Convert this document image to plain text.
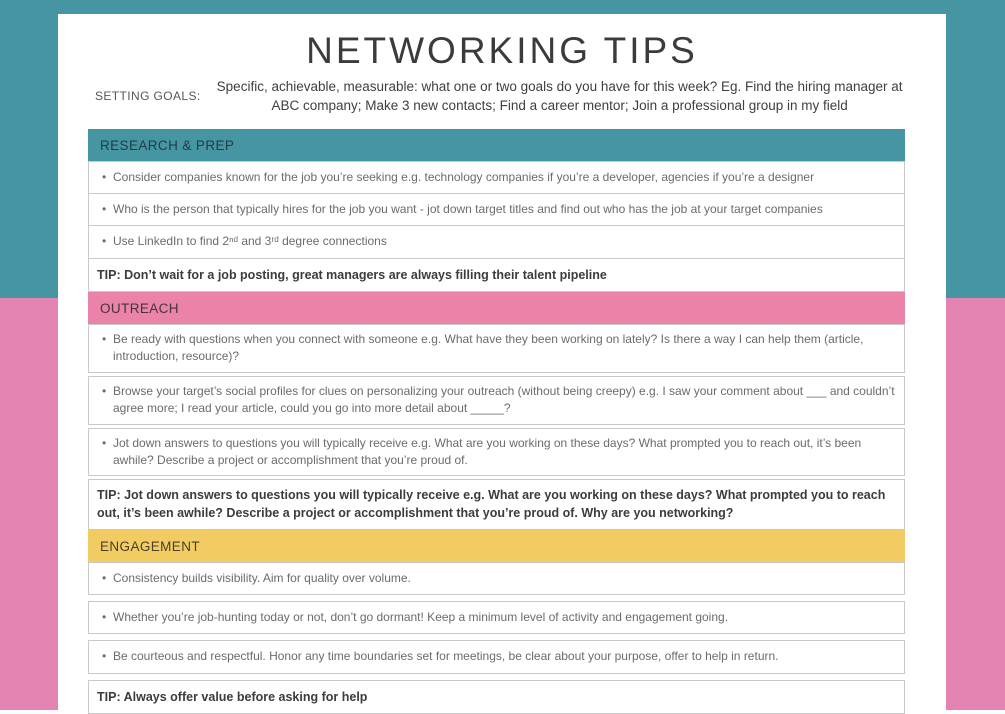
NETWORKING TIPS
SETTING GOALS:
Specific, achievable, measurable: what one or two goals do you have for this week? Eg. Find the hiring manager at ABC company; Make 3 new contacts; Find a career mentor; Join a professional group in my field
RESEARCH & PREP
• Consider companies known for the job you’re seeking e.g. technology companies if you’re a developer, agencies if you’re a designer
• Who is the person that typically hires for the job you want - jot down target titles and find out who has the job at your target companies
• Use LinkedIn to find 2ⁿᵈ and 3ʳᵈ degree connections
TIP: Don’t wait for a job posting, great managers are always filling their talent pipeline
OUTREACH
• Be ready with questions when you connect with someone e.g. What have they been working on lately? Is there a way I can help them (article, introduction, resource)?
• Browse your target’s social profiles for clues on personalizing your outreach (without being creepy) e.g. I saw your comment about ___ and couldn’t agree more; I read your article, could you go into more detail about _____?
• Jot down answers to questions you will typically receive e.g. What are you working on these days? What prompted you to reach out, it’s been awhile? Describe a project or accomplishment that you’re proud of.
TIP: Jot down answers to questions you will typically receive e.g. What are you working on these days? What prompted you to reach out, it’s been awhile? Describe a project or accomplishment that you’re proud of. Why are you networking?
ENGAGEMENT
• Consistency builds visibility. Aim for quality over volume.
• Whether you’re job-hunting today or not, don’t go dormant! Keep a minimum level of activity and engagement going.
• Be courteous and respectful. Honor any time boundaries set for meetings, be clear about your purpose, offer to help in return.
TIP: Always offer value before asking for help
